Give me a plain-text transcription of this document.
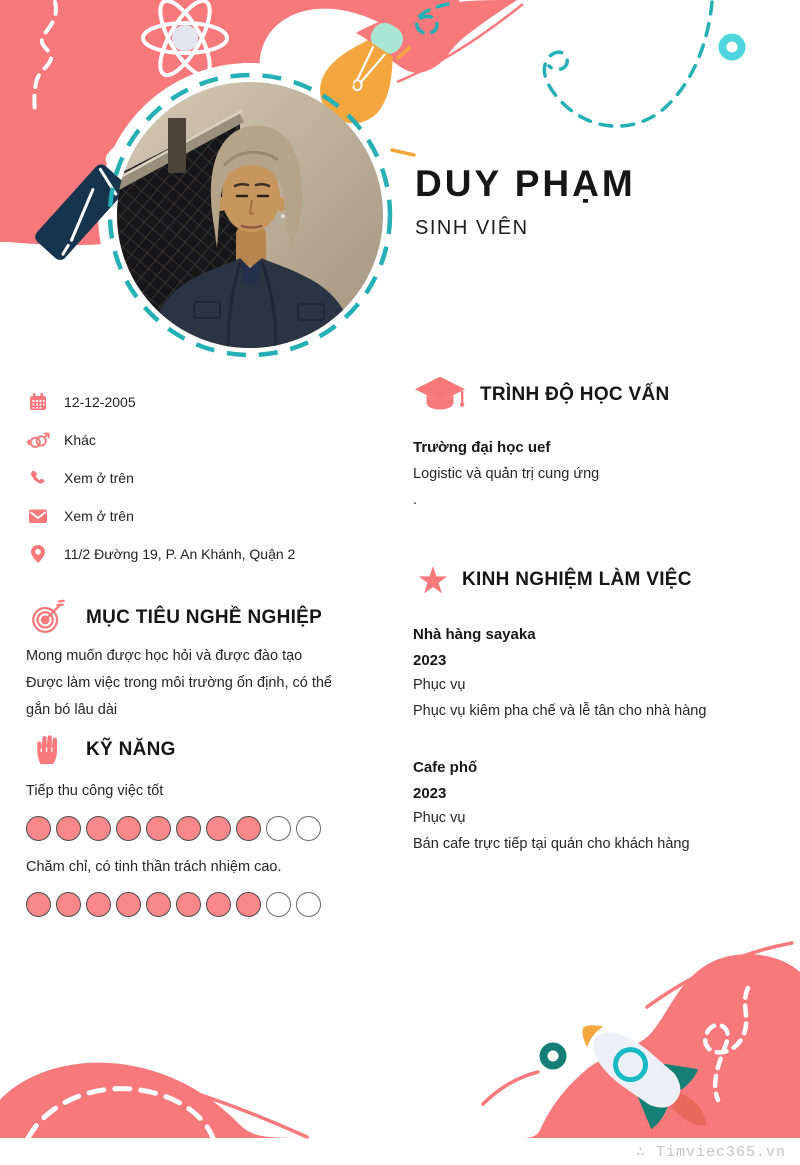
DUY PHẠM
SINH VIÊN
12-12-2005
Khác
Xem ở trên
Xem ở trên
11/2 Đường 19, P. An Khánh, Quận 2
MỤC TIÊU NGHỀ NGHIỆP
Mong muốn được học hỏi và được đào tạo
Được làm việc trong môi trường ổn định, có thể
gắn bó lâu dài
KỸ NĂNG
Tiếp thu công việc tốt
Chăm chỉ, có tinh thần trách nhiệm cao.
TRÌNH ĐỘ HỌC VẤN
Trường đại học uef
Logistic và quản trị cung ứng
.
KINH NGHIỆM LÀM VIỆC
Nhà hàng sayaka
2023
Phục vụ
Phục vụ kiêm pha chế và lễ tân cho nhà hàng
Cafe phố
2023
Phục vụ
Bán cafe trực tiếp tại quán cho khách hàng
∴ Timviec365.vn
